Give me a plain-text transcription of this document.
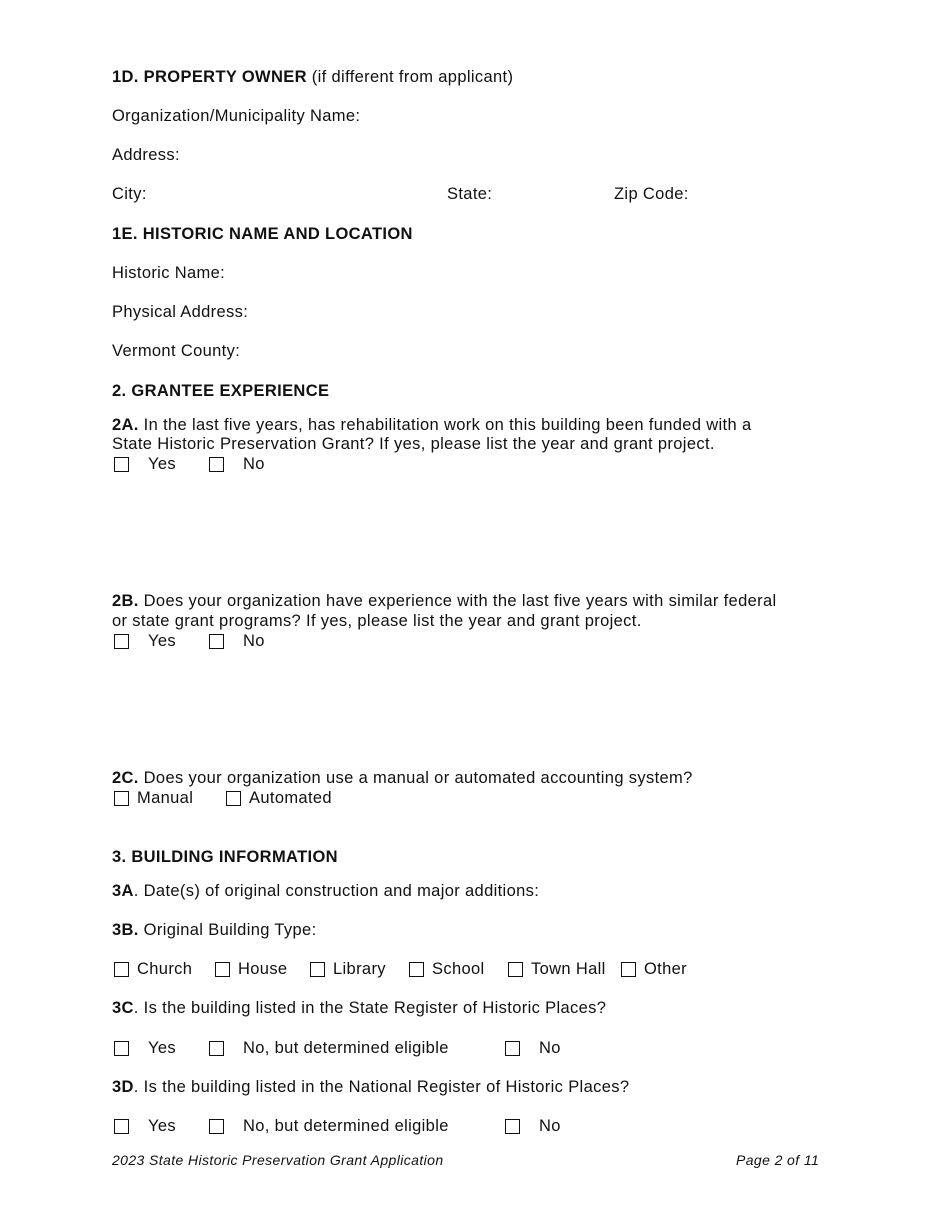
1D. PROPERTY OWNER (if different from applicant)
Organization/Municipality Name:
Address:
City:	State:	Zip Code:
1E. HISTORIC NAME AND LOCATION
Historic Name:
Physical Address:
Vermont County:
2. GRANTEE EXPERIENCE
2A. In the last five years, has rehabilitation work on this building been funded with a
State Historic Preservation Grant? If yes, please list the year and grant project.
Yes	No
2B. Does your organization have experience with the last five years with similar federal
or state grant programs? If yes, please list the year and grant project.
Yes	No
2C. Does your organization use a manual or automated accounting system?
Manual	Automated
3. BUILDING INFORMATION
3A. Date(s) of original construction and major additions:
3B. Original Building Type:
Church	House	Library	School	Town Hall Other
3C. Is the building listed in the State Register of Historic Places?
Yes	No, but determined eligible	No
3D. Is the building listed in the National Register of Historic Places?
Yes	No, but determined eligible	No
2023 State Historic Preservation Grant Application	Page 2 of 11
